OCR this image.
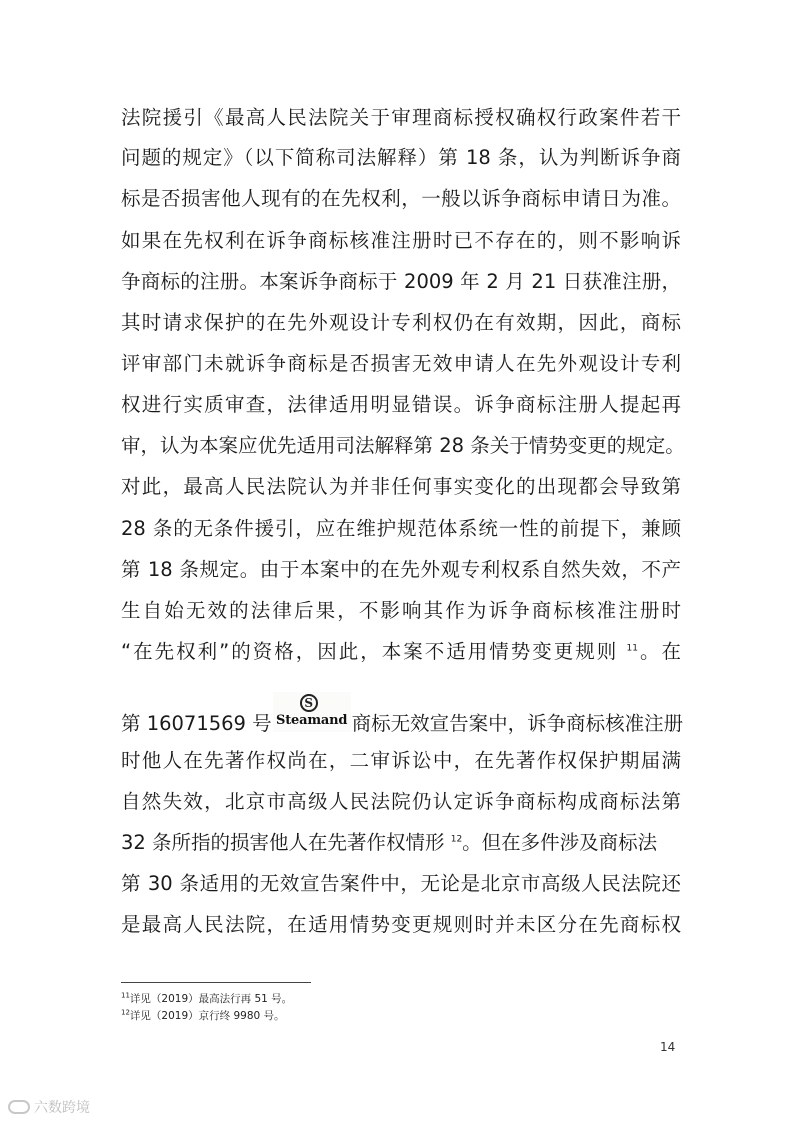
法院援引《最高人民法院关于审理商标授权确权行政案件若干

问题的规定》（以下简称司法解释）第 18 条，认为判断诉争商

标是否损害他人现有的在先权利，一般以诉争商标申请日为准。

如果在先权利在诉争商标核准注册时已不存在的，则不影响诉

争商标的注册。本案诉争商标于 2009 年 2 月 21 日获准注册，

其时请求保护的在先外观设计专利权仍在有效期，因此，商标

评审部门未就诉争商标是否损害无效申请人在先外观设计专利

权进行实质审查，法律适用明显错误。诉争商标注册人提起再

审，认为本案应优先适用司法解释第 28 条关于情势变更的规定。

对此，最高人民法院认为并非任何事实变化的出现都会导致第

28 条的无条件援引，应在维护规范体系统一性的前提下，兼顾

第 18 条规定。由于本案中的在先外观专利权系自然失效，不产

生自始无效的法律后果，不影响其作为诉争商标核准注册时

“在先权利”的资格，因此，本案不适用情势变更规则 $^{11}$。在

第 16071569 号
S
Steamand 商标无效宣告案中，诉争商标核准注册

时他人在先著作权尚在，二审诉讼中，在先著作权保护期届满

自然失效，北京市高级人民法院仍认定诉争商标构成商标法第

32 条所指的损害他人在先著作权情形 $^{12}$。但在多件涉及商标法

第 30 条适用的无效宣告案件中，无论是北京市高级人民法院还

是最高人民法院，在适用情势变更规则时并未区分在先商标权

$^{11}$详见（2019）最高法行再 51 号。
$^{12}$详见（2019）京行终 9980 号。
14
六数跨境
